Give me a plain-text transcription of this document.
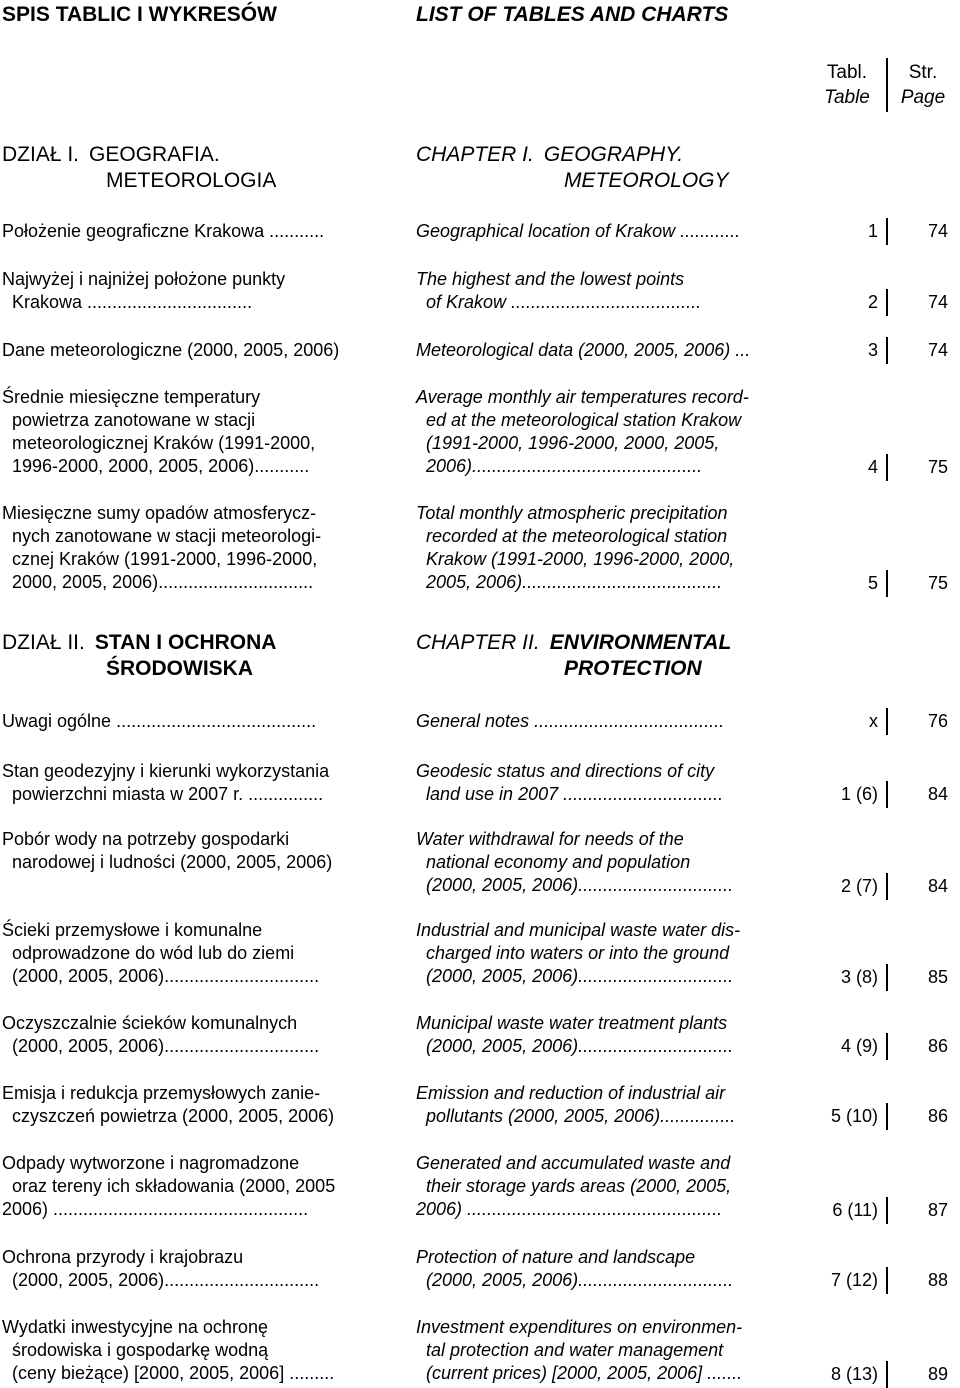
SPIS TABLIC I WYKRESÓW	LIST OF TABLES AND CHARTS
Tabl.
Table
Str.
Page
DZIAŁ I. GEOGRAFIA.
METEOROLOGIA
CHAPTER I. GEOGRAPHY.
METEOROLOGY
Położenie geograficzne Krakowa ...........	Geographical location of Krakow ............	1	74
Najwyżej i najniżej położone punkty
Krakowa .................................
The highest and the lowest points
of Krakow ......................................	2	74
Dane meteorologiczne (2000, 2005, 2006)	Meteorological data (2000, 2005, 2006) ...	3	74
Średnie miesięczne temperatury
powietrza zanotowane w stacji
meteorologicznej Kraków (1991-2000,
1996-2000, 2000, 2005, 2006)...........
Average monthly air temperatures record-
ed at the meteorological station Krakow
(1991-2000, 1996-2000, 2000, 2005,
2006)..............................................	4	75
Miesięczne sumy opadów atmosferycz-
nych zanotowane w stacji meteorologi-
cznej Kraków (1991-2000, 1996-2000,
2000, 2005, 2006)...............................
Total monthly atmospheric precipitation
recorded at the meteorological station
Krakow (1991-2000, 1996-2000, 2000,
2005, 2006)........................................	5	75
DZIAŁ II. STAN I OCHRONA
ŚRODOWISKA
CHAPTER II. ENVIRONMENTAL
PROTECTION
Uwagi ogólne ........................................	General notes ......................................	x	76
Stan geodezyjny i kierunki wykorzystania
powierzchni miasta w 2007 r. ...............
Geodesic status and directions of city
land use in 2007 ................................	1 (6)	84
Pobór wody na potrzeby gospodarki
narodowej i ludności (2000, 2005, 2006)
Water withdrawal for needs of the
national economy and population
(2000, 2005, 2006)...............................	2 (7)	84
Ścieki przemysłowe i komunalne
odprowadzone do wód lub do ziemi
(2000, 2005, 2006)...............................
Industrial and municipal waste water dis-
charged into waters or into the ground
(2000, 2005, 2006)...............................	3 (8)	85
Oczyszczalnie ścieków komunalnych
(2000, 2005, 2006)...............................
Municipal waste water treatment plants
(2000, 2005, 2006)...............................	4 (9)	86
Emisja i redukcja przemysłowych zanie-
czyszczeń powietrza (2000, 2005, 2006)
Emission and reduction of industrial air
pollutants (2000, 2005, 2006)...............	5 (10)	86
Odpady wytworzone i nagromadzone
oraz tereny ich składowania (2000, 2005
2006) ...................................................
Generated and accumulated waste and
their storage yards areas (2000, 2005,
2006) ...................................................	6 (11)	87
Ochrona przyrody i krajobrazu
(2000, 2005, 2006)...............................
Protection of nature and landscape
(2000, 2005, 2006)...............................	7 (12)	88
Wydatki inwestycyjne na ochronę
środowiska i gospodarkę wodną
(ceny bieżące) [2000, 2005, 2006] .........
Investment expenditures on environmen-
tal protection and water management
(current prices) [2000, 2005, 2006] .......	8 (13)	89
